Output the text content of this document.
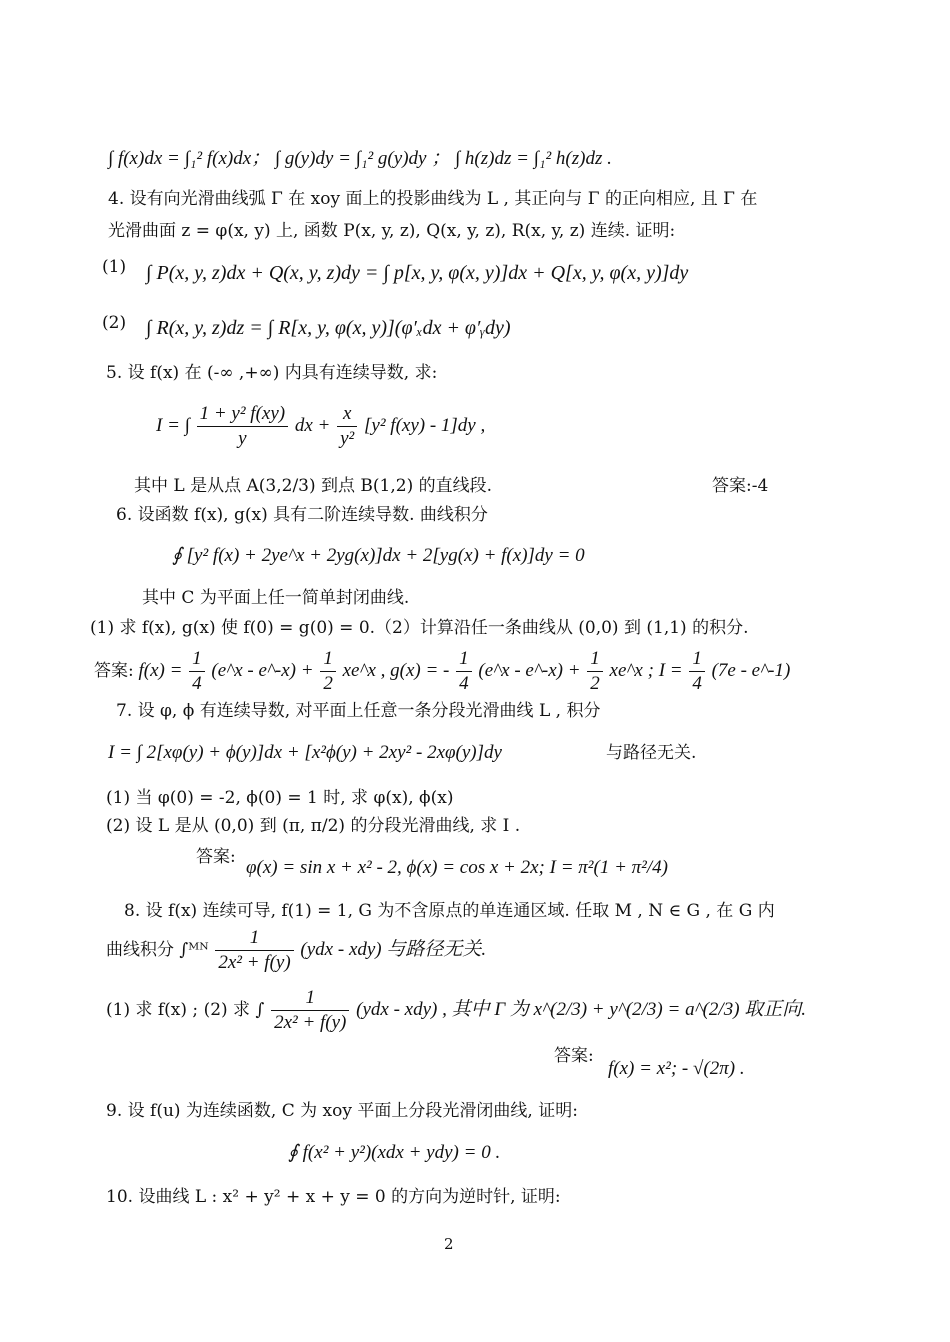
∫ f(x)dx = ∫₁² f(x)dx； ∫ g(y)dy = ∫₁² g(y)dy ； ∫ h(z)dz = ∫₁² h(z)dz .
4. 设有向光滑曲线弧 Γ 在 xoy 面上的投影曲线为 L , 其正向与 Γ 的正向相应, 且 Γ 在
光滑曲面 z = φ(x, y) 上, 函数 P(x, y, z), Q(x, y, z), R(x, y, z) 连续. 证明:
(1) ∫ P(x, y, z)dx + Q(x, y, z)dy = ∫ p[x, y, φ(x, y)]dx + Q[x, y, φ(x, y)]dy
(2) ∫ R(x, y, z)dz = ∫ R[x, y, φ(x, y)](φ′ₓdx + φ′ᵧdy)
5. 设 f(x) 在 (-∞ ,+∞) 内具有连续导数, 求:
I = ∫ $\frac{\text{1 + y² f(xy)}}{y}$ dx + $\frac{x}{\text{y²}} [y^2$ f(xy) - 1]dy ,
其中 L 是从点 A(3,2/3) 到点 B(1,2) 的直线段.	答案:-4
6. 设函数 f(x), g(x) 具有二阶连续导数. 曲线积分
∮ [y² f(x) + 2ye^x + 2yg(x)]dx + 2[yg(x) + f(x)]dy = 0
其中 C 为平面上任一简单封闭曲线.
(1) 求 f(x), g(x) 使 f(0) = g(0) = 0.（2）计算沿任一条曲线从 (0,0) 到 (1,1) 的积分.
答案: $f(x) = \frac{1}{4}$ (e^x - e^-x) + $\frac{1}{2}$ xe^x , g(x) = - $\frac{1}{4}$ (e^x - e^-x) + $\frac{1}{2}$ xe^x ; $I = \frac{1}{4} (7e$ - e^-1)
7. 设 φ, ϕ 有连续导数, 对平面上任意一条分段光滑曲线 L , 积分
I = ∫ 2[xφ(y) + ϕ(y)]dx + [x²ϕ(y) + 2xy² - 2xφ(y)]dy	与路径无关.
(1) 当 φ(0) = -2, ϕ(0) = 1 时, 求 φ(x), ϕ(x)
(2) 设 L 是从 (0,0) 到 (π, π/2) 的分段光滑曲线, 求 I .
答案: φ(x) = sin x + x² - 2, ϕ(x) = cos x + 2x; I = π²(1 + π²/4)
8. 设 f(x) 连续可导, f(1) = 1, G 为不含原点的单连通区域. 任取 M , N ∈ G , 在 G 内
曲线积分 ∫ᴹᴺ $\frac{1}{\text{2x² + f(y)}} (ydx - xdy)$ 与路径无关.
(1) 求 f(x) ; (2) 求 ∫ $\frac{1}{\text{2x² + f(y)}} (ydx - xdy)$ , 其中 Γ 为 x^(2/3) + y^(2/3) = a^(2/3) 取正向.
答案:
f(x) = x²; - √(2π) .
9. 设 f(u) 为连续函数, C 为 xoy 平面上分段光滑闭曲线, 证明:
∮ f(x² + y²)(xdx + ydy) = 0 .
10. 设曲线 L : x² + y² + x + y = 0 的方向为逆时针, 证明:
2
